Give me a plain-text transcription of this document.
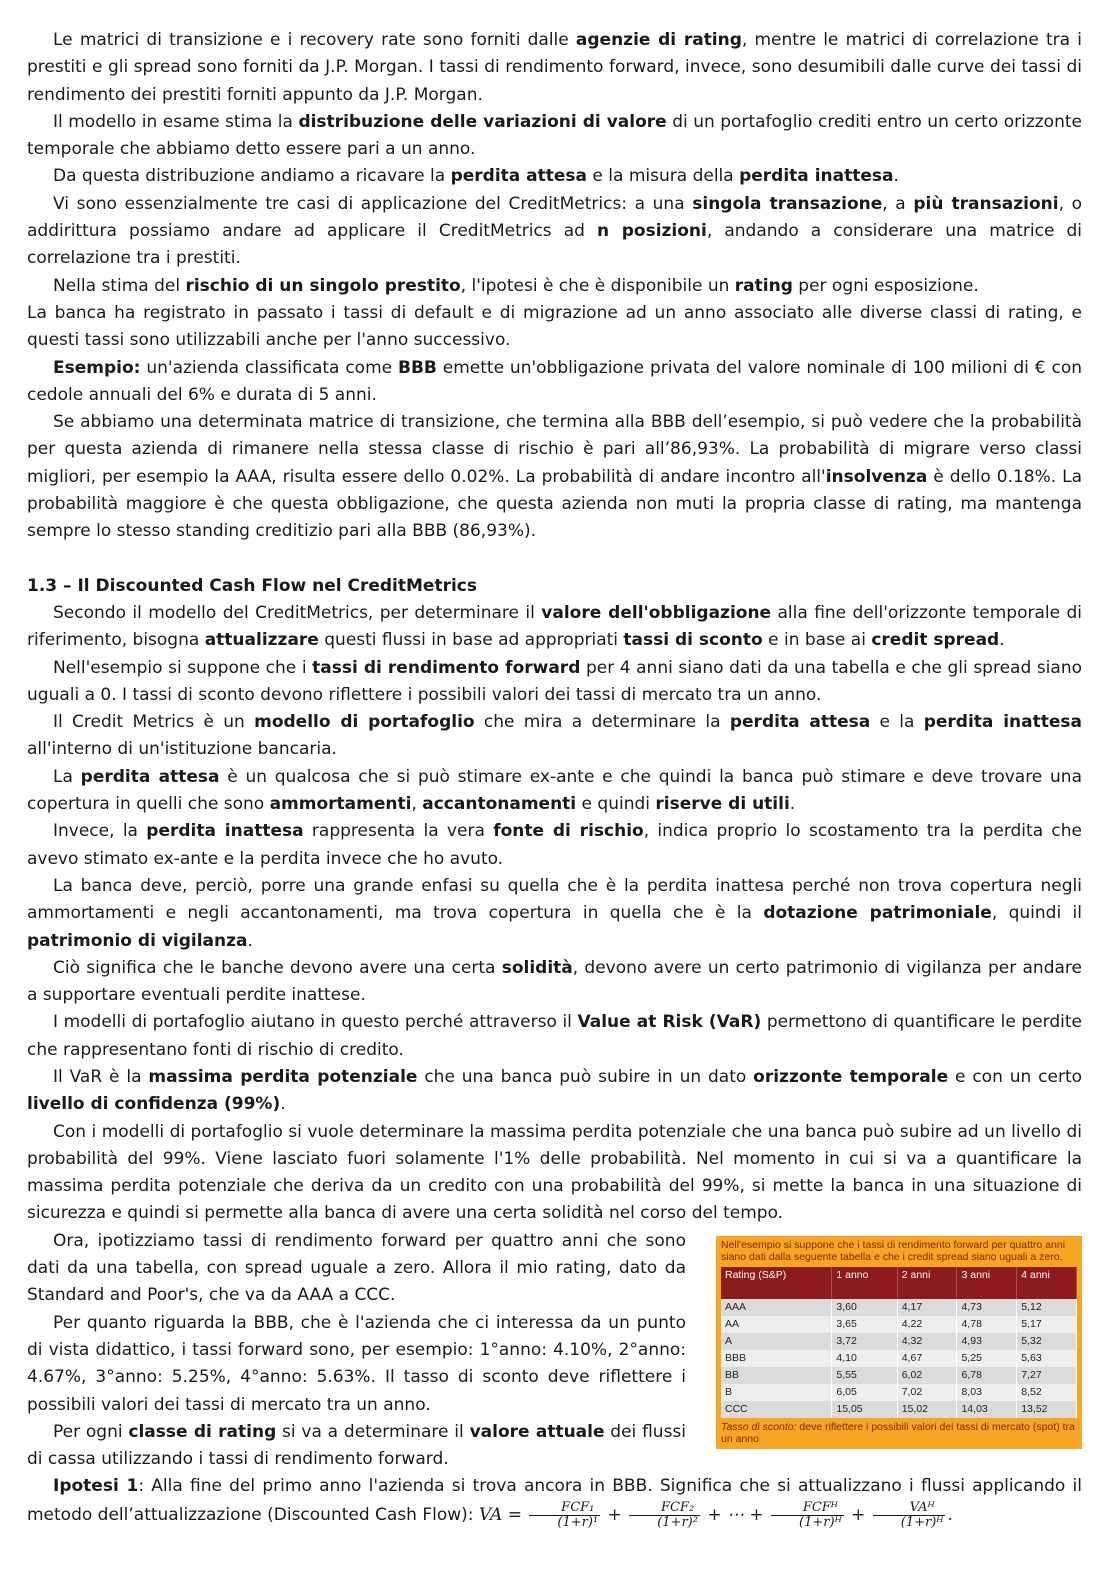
Le matrici di transizione e i recovery rate sono forniti dalle agenzie di rating, mentre le matrici di correlazione tra i prestiti e gli spread sono forniti da J.P. Morgan. I tassi di rendimento forward, invece, sono desumibili dalle curve dei tassi di rendimento dei prestiti forniti appunto da J.P. Morgan.

Il modello in esame stima la distribuzione delle variazioni di valore di un portafoglio crediti entro un certo orizzonte temporale che abbiamo detto essere pari a un anno.

Da questa distribuzione andiamo a ricavare la perdita attesa e la misura della perdita inattesa.

Vi sono essenzialmente tre casi di applicazione del CreditMetrics: a una singola transazione, a più transazioni, o addirittura possiamo andare ad applicare il CreditMetrics ad n posizioni, andando a considerare una matrice di correlazione tra i prestiti.

Nella stima del rischio di un singolo prestito, l'ipotesi è che è disponibile un rating per ogni esposizione.

La banca ha registrato in passato i tassi di default e di migrazione ad un anno associato alle diverse classi di rating, e questi tassi sono utilizzabili anche per l'anno successivo.

Esempio: un'azienda classificata come BBB emette un'obbligazione privata del valore nominale di 100 milioni di € con cedole annuali del 6% e durata di 5 anni.

Se abbiamo una determinata matrice di transizione, che termina alla BBB dell’esempio, si può vedere che la probabilità per questa azienda di rimanere nella stessa classe di rischio è pari all’86,93%. La probabilità di migrare verso classi migliori, per esempio la AAA, risulta essere dello 0.02%. La probabilità di andare incontro all'insolvenza è dello 0.18%. La probabilità maggiore è che questa obbligazione, che questa azienda non muti la propria classe di rating, ma mantenga sempre lo stesso standing creditizio pari alla BBB (86,93%).

1.3 – Il Discounted Cash Flow nel CreditMetrics

Secondo il modello del CreditMetrics, per determinare il valore dell'obbligazione alla fine dell'orizzonte temporale di riferimento, bisogna attualizzare questi flussi in base ad appropriati tassi di sconto e in base ai credit spread.

Nell'esempio si suppone che i tassi di rendimento forward per 4 anni siano dati da una tabella e che gli spread siano uguali a 0. I tassi di sconto devono riflettere i possibili valori dei tassi di mercato tra un anno.

Il Credit Metrics è un modello di portafoglio che mira a determinare la perdita attesa e la perdita inattesa all'interno di un'istituzione bancaria.

La perdita attesa è un qualcosa che si può stimare ex-ante e che quindi la banca può stimare e deve trovare una copertura in quelli che sono ammortamenti, accantonamenti e quindi riserve di utili.

Invece, la perdita inattesa rappresenta la vera fonte di rischio, indica proprio lo scostamento tra la perdita che avevo stimato ex-ante e la perdita invece che ho avuto.

La banca deve, perciò, porre una grande enfasi su quella che è la perdita inattesa perché non trova copertura negli ammortamenti e negli accantonamenti, ma trova copertura in quella che è la dotazione patrimoniale, quindi il patrimonio di vigilanza.

Ciò significa che le banche devono avere una certa solidità, devono avere un certo patrimonio di vigilanza per andare a supportare eventuali perdite inattese.

I modelli di portafoglio aiutano in questo perché attraverso il Value at Risk (VaR) permettono di quantificare le perdite che rappresentano fonti di rischio di credito.

Il VaR è la massima perdita potenziale che una banca può subire in un dato orizzonte temporale e con un certo livello di confidenza (99%).

Con i modelli di portafoglio si vuole determinare la massima perdita potenziale che una banca può subire ad un livello di probabilità del 99%. Viene lasciato fuori solamente l'1% delle probabilità. Nel momento in cui si va a quantificare la massima perdita potenziale che deriva da un credito con una probabilità del 99%, si mette la banca in una situazione di sicurezza e quindi si permette alla banca di avere una certa solidità nel corso del tempo.

Nell'esempio si suppone che i tassi di rendimento forward per quattro anni siano dati dalla seguente tabella e che i credit spread siano uguali a zero.
Rating (S&P)	1 anno	2 anni	3 anni	4 anni
AAA	3,60	4,17	4,73	5,12
AA	3,65	4,22	4,78	5,17
A	3,72	4,32	4,93	5,32
BBB	4,10	4,67	5,25	5,63
BB	5,55	6,02	6,78	7,27
B	6,05	7,02	8,03	8,52
CCC	15,05	15,02	14,03	13,52
Tasso di sconto: deve riflettere i possibili valori dei tassi di mercato (spot) tra un anno

Ora, ipotizziamo tassi di rendimento forward per quattro anni che sono dati da una tabella, con spread uguale a zero. Allora il mio rating, dato da Standard and Poor's, che va da AAA a CCC.

Per quanto riguarda la BBB, che è l'azienda che ci interessa da un punto di vista didattico, i tassi forward sono, per esempio: 1°anno: 4.10%, 2°anno: 4.67%, 3°anno: 5.25%, 4°anno: 5.63%. Il tasso di sconto deve riflettere i possibili valori dei tassi di mercato tra un anno.

Per ogni classe di rating si va a determinare il valore attuale dei flussi di cassa utilizzando i tassi di rendimento forward.

Ipotesi 1: Alla fine del primo anno l'azienda si trova ancora in BBB. Significa che si attualizzano i flussi applicando il metodo dell’attualizzazione (Discounted Cash Flow): VA = $\frac{\text{FCF₁}}{\text{(1+r)¹}} + \frac{\text{FCF₂}}{\text{(1+r)²}}$ + ⋯ + $\frac{\text{FCFᴴ}}{\text{(1+r)ᴴ}} + \frac{\text{VAᴴ}}{\text{(1+r)ᴴ}}$ .
